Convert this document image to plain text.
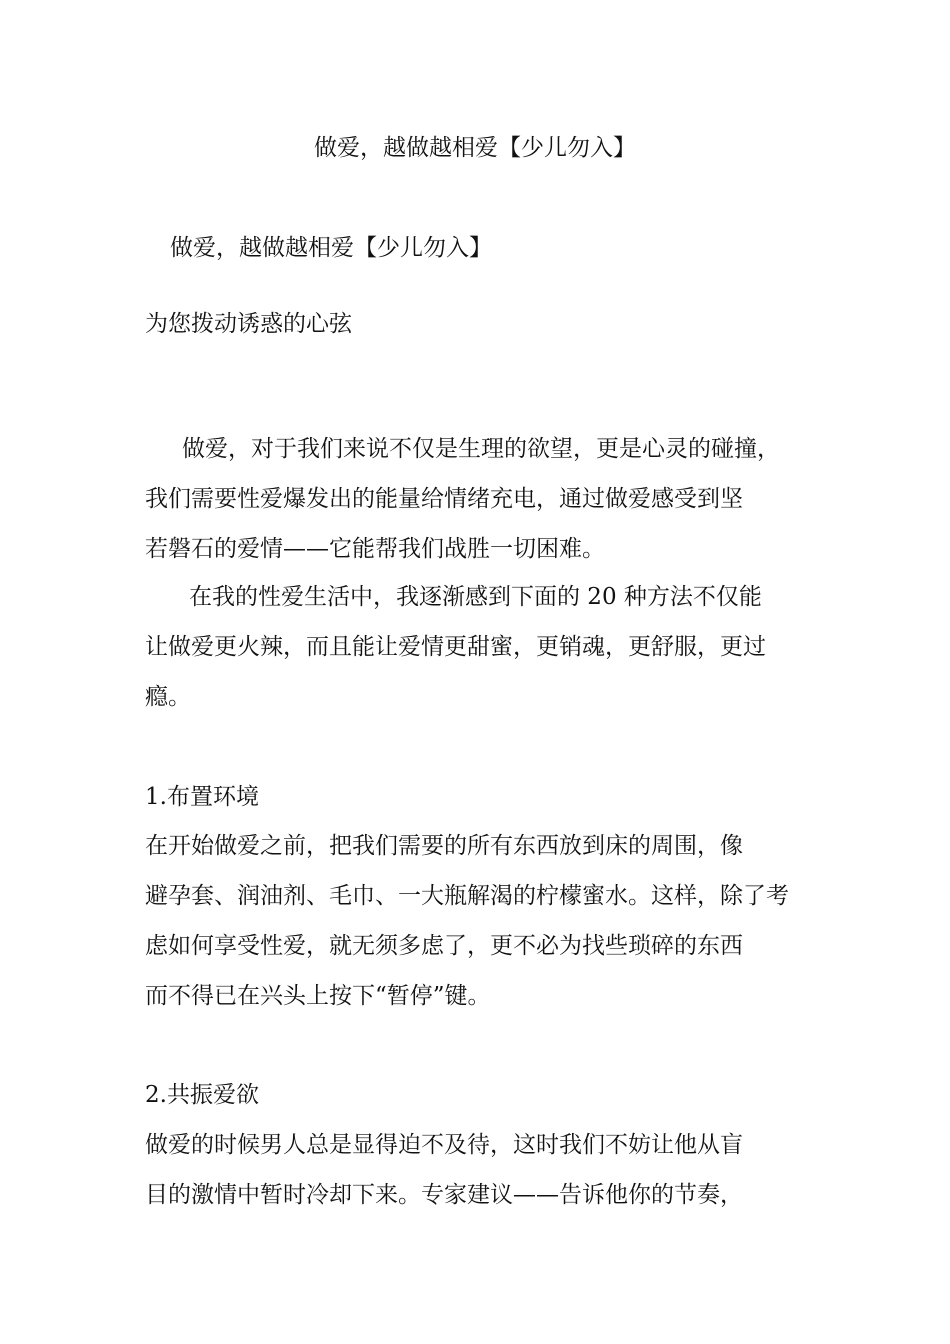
做爱，越做越相爱【少儿勿入】
做爱，越做越相爱【少儿勿入】
为您拨动诱惑的心弦
做爱，对于我们来说不仅是生理的欲望，更是心灵的碰撞，
我们需要性爱爆发出的能量给情绪充电，通过做爱感受到坚
若磐石的爱情——它能帮我们战胜一切困难。
在我的性爱生活中，我逐渐感到下面的 20 种方法不仅能
让做爱更火辣，而且能让爱情更甜蜜，更销魂，更舒服，更过
瘾。
1.布置环境
在开始做爱之前，把我们需要的所有东西放到床的周围，像
避孕套、润油剂、毛巾、一大瓶解渴的柠檬蜜水。这样，除了考
虑如何享受性爱，就无须多虑了，更不必为找些琐碎的东西
而不得已在兴头上按下“暂停”键。
2.共振爱欲
做爱的时候男人总是显得迫不及待，这时我们不妨让他从盲
目的激情中暂时冷却下来。专家建议——告诉他你的节奏，
